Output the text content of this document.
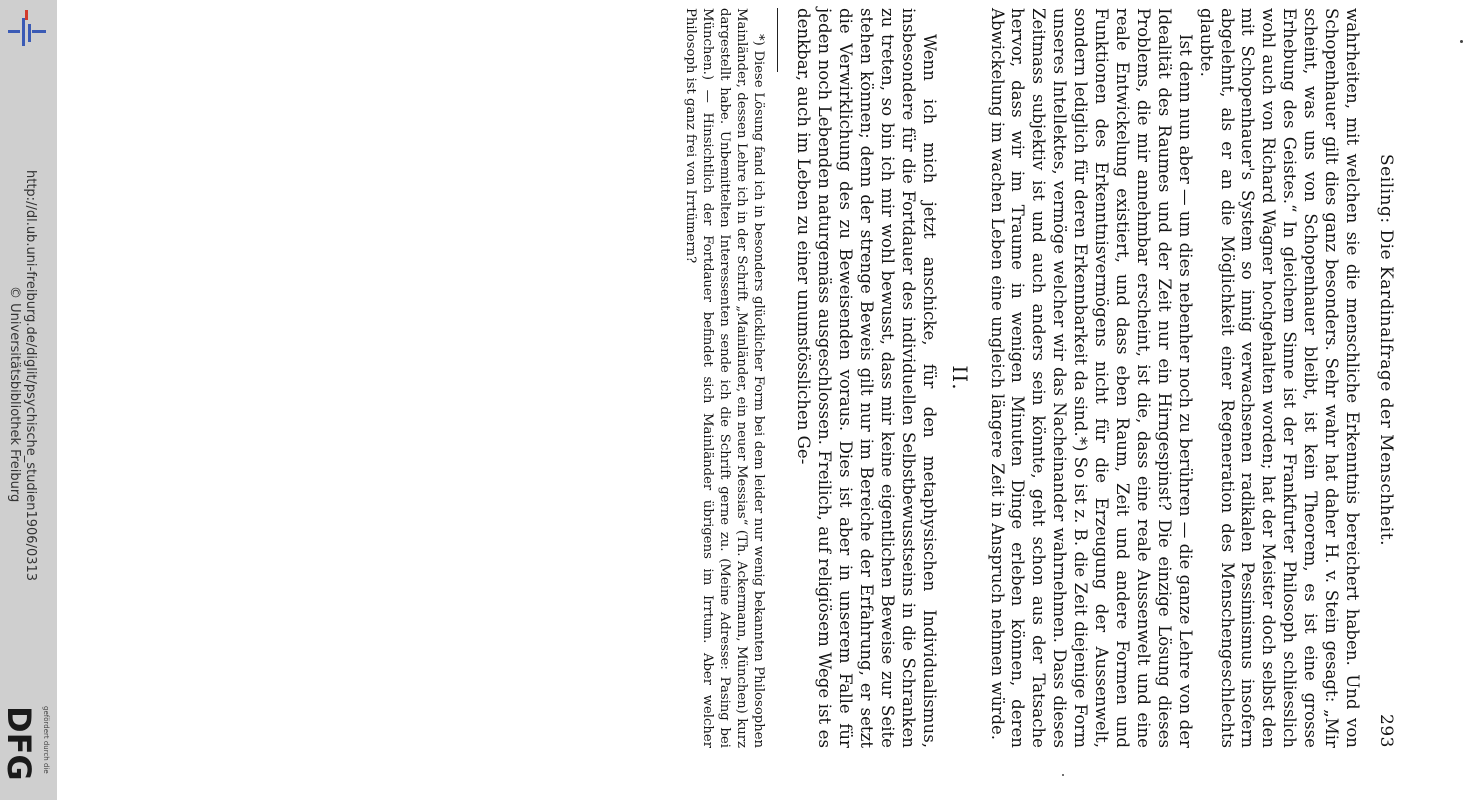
http://dl.ub.uni-freiburg.de/diglit/psychische_studien1906/0313
© Universitätsbibliothek Freiburg
gefördert durch die
DFG
Seiling: Die Kardinalfrage der Menschheit.
293

wahrheiten, mit welchen sie die menschliche Erkenntnis bereichert haben. Und von Schopenhauer gilt dies ganz besonders. Sehr wahr hat daher H. v. Stein gesagt: „Mir scheint, was uns von Schopenhauer bleibt, ist kein Theorem, es ist eine grosse Erhebung des Geistes.“ In gleichem Sinne ist der Frankfurter Philosoph schliesslich wohl auch von Richard Wagner hochgehalten worden; hat der Meister doch selbst den mit Schopenhauer's System so innig verwachsenen radikalen Pessimismus insofern abgelehnt, als er an die Möglichkeit einer Regeneration des Menschengeschlechts glaubte.

Ist denn nun aber — um dies nebenher noch zu berühren — die ganze Lehre von der Idealität des Raumes und der Zeit nur ein Hirngespinst? Die einzige Lösung dieses Problems, die mir annehmbar erscheint, ist die, dass eine reale Aussenwelt und eine reale Entwickelung existiert, und dass eben Raum, Zeit und andere Formen und Funktionen des Erkenntnisvermögens nicht für die Erzeugung der Aussenwelt, sondern lediglich für deren Erkennbarkeit da sind.*) So ist z. B. die Zeit diejenige Form unseres Intellektes, vermöge welcher wir das Nacheinander wahrnehmen. Dass dieses Zeitmass subjektiv ist und auch anders sein könnte, geht schon aus der Tatsache hervor, dass wir im Traume in wenigen Minuten Dinge erleben können, deren Abwickelung im wachen Leben eine ungleich längere Zeit in Anspruch nehmen würde.

II.

Wenn ich mich jetzt anschicke, für den metaphysischen Individualismus, insbesondere für die Fortdauer des individuellen Selbstbewusstseins in die Schranken zu treten, so bin ich mir wohl bewusst, dass mir keine eigentlichen Beweise zur Seite stehen können; denn der strenge Beweis gilt nur im Bereiche der Erfahrung, er setzt die Verwirklichung des zu Beweisenden voraus. Dies ist aber in unserem Falle für jeden noch Lebenden naturgemäss ausgeschlossen. Freilich, auf religiösem Wege ist es denkbar, auch im Leben zu einer unumstösslichen Ge-

*) Diese Lösung fand ich in besonders glücklicher Form bei dem leider nur wenig bekannten Philosophen Mainländer, dessen Lehre ich in der Schrift „Mainländer, ein neuer Messias“ (Th. Ackermann, München) kurz dargestellt habe. Unbemittelten Interessenten sende ich die Schrift gerne zu. (Meine Adresse: Pasing bei München.) — Hinsichtlich der Fortdauer befindet sich Mainländer übrigens im Irrtum. Aber welcher Philosoph ist ganz frei von Irrtümern?
